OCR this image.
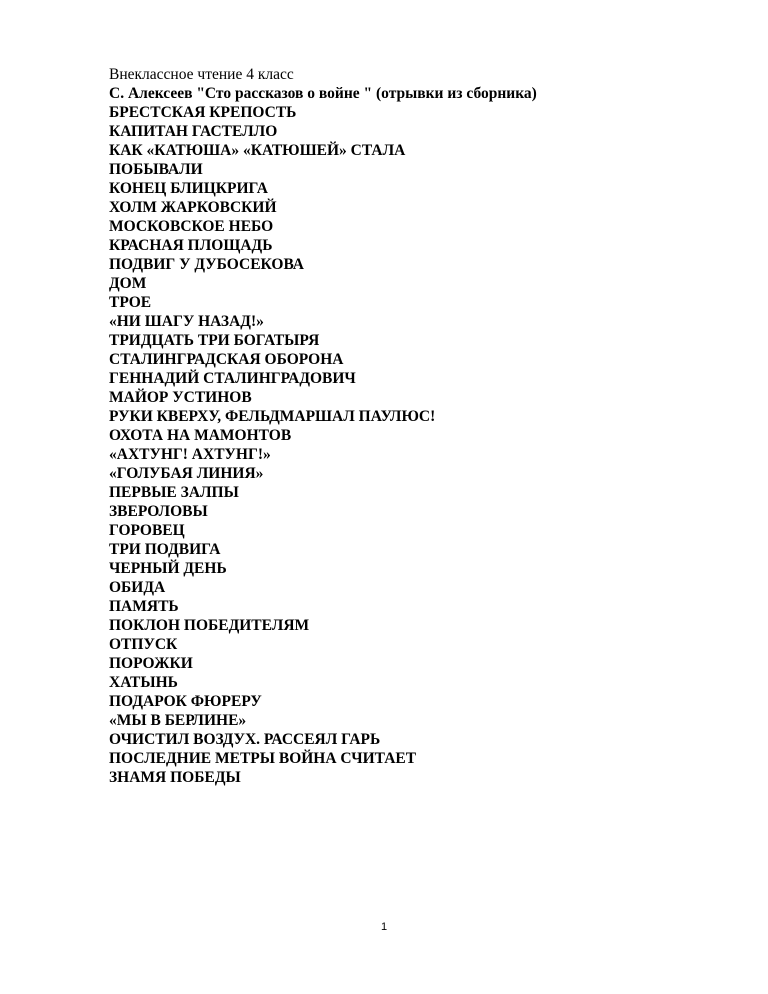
Внеклассное чтение 4 класс

С. Алексеев "Сто рассказов о войне " (отрывки из сборника)

БРЕСТСКАЯ КРЕПОСТЬ
КАПИТАН ГАСТЕЛЛО
КАК «КАТЮША» «КАТЮШЕЙ» СТАЛА
ПОБЫВАЛИ
КОНЕЦ БЛИЦКРИГА
ХОЛМ ЖАРКОВСКИЙ
МОСКОВСКОЕ НЕБО
КРАСНАЯ ПЛОЩАДЬ
ПОДВИГ У ДУБОСЕКОВА
ДОМ
ТРОЕ
«НИ ШАГУ НАЗАД!»
ТРИДЦАТЬ ТРИ БОГАТЫРЯ
СТАЛИНГРАДСКАЯ ОБОРОНА
ГЕННАДИЙ СТАЛИНГРАДОВИЧ
МАЙОР УСТИНОВ
РУКИ КВЕРХУ, ФЕЛЬДМАРШАЛ ПАУЛЮС!
ОХОТА НА МАМОНТОВ
«АХТУНГ! АХТУНГ!»
«ГОЛУБАЯ ЛИНИЯ»
ПЕРВЫЕ ЗАЛПЫ
ЗВЕРОЛОВЫ
ГОРОВЕЦ
ТРИ ПОДВИГА
ЧЕРНЫЙ ДЕНЬ
ОБИДА
ПАМЯТЬ
ПОКЛОН ПОБЕДИТЕЛЯМ
ОТПУСК
ПОРОЖКИ
ХАТЫНЬ
ПОДАРОК ФЮРЕРУ
«МЫ В БЕРЛИНЕ»
ОЧИСТИЛ ВОЗДУХ. РАССЕЯЛ ГАРЬ
ПОСЛЕДНИЕ МЕТРЫ ВОЙНА СЧИТАЕТ
ЗНАМЯ ПОБЕДЫ
1
